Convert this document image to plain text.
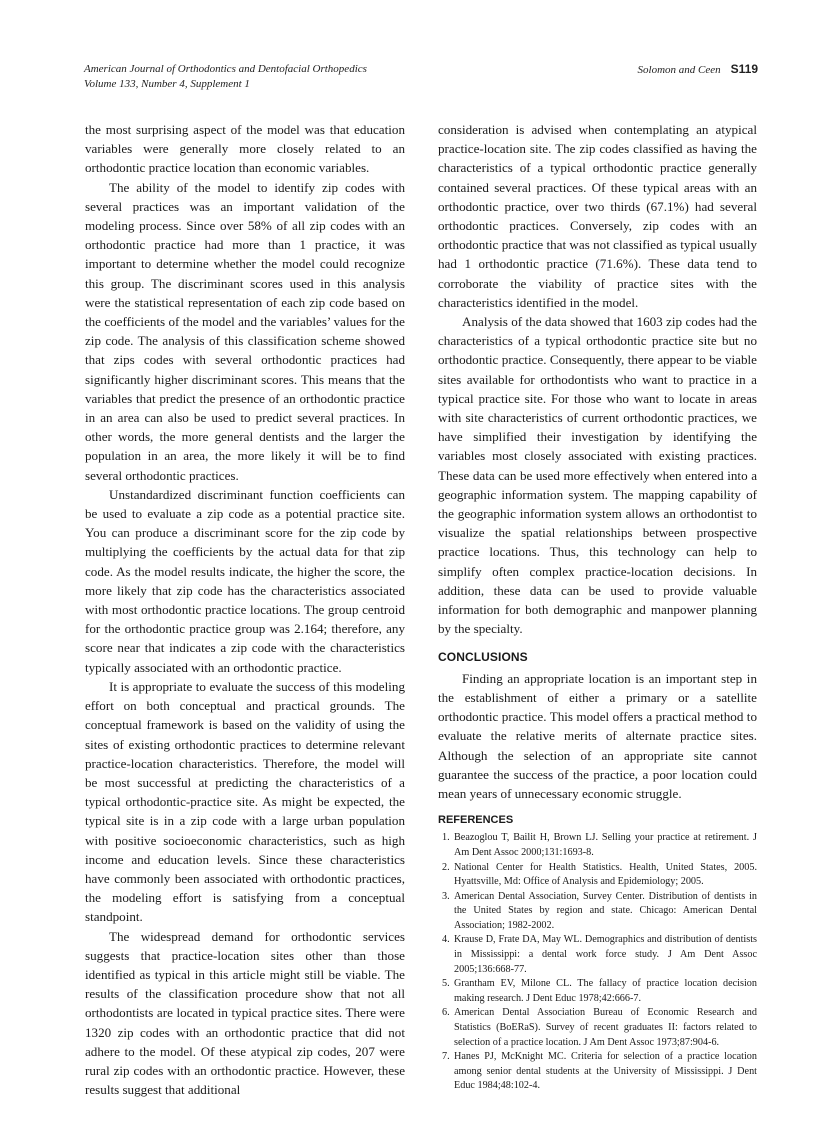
American Journal of Orthodontics and Dentofacial Orthopedics
Volume 133, Number 4, Supplement 1
Solomon and Ceen S119

the most surprising aspect of the model was that education variables were generally more closely related to an orthodontic practice location than economic variables.

The ability of the model to identify zip codes with several practices was an important validation of the modeling process. Since over 58% of all zip codes with an orthodontic practice had more than 1 practice, it was important to determine whether the model could recognize this group. The discriminant scores used in this analysis were the statistical representation of each zip code based on the coefficients of the model and the variables’ values for the zip code. The analysis of this classification scheme showed that zips codes with several orthodontic practices had significantly higher discriminant scores. This means that the variables that predict the presence of an orthodontic practice in an area can also be used to predict several practices. In other words, the more general dentists and the larger the population in an area, the more likely it will be to find several orthodontic practices.

Unstandardized discriminant function coefficients can be used to evaluate a zip code as a potential practice site. You can produce a discriminant score for the zip code by multiplying the coefficients by the actual data for that zip code. As the model results indicate, the higher the score, the more likely that zip code has the characteristics associated with most orthodontic practice locations. The group centroid for the orthodontic practice group was 2.164; therefore, any score near that indicates a zip code with the characteristics typically associated with an orthodontic practice.

It is appropriate to evaluate the success of this modeling effort on both conceptual and practical grounds. The conceptual framework is based on the validity of using the sites of existing orthodontic practices to determine relevant practice-location characteristics. Therefore, the model will be most successful at predicting the characteristics of a typical orthodontic-practice site. As might be expected, the typical site is in a zip code with a large urban population with positive socioeconomic characteristics, such as high income and education levels. Since these characteristics have commonly been associated with orthodontic practices, the modeling effort is satisfying from a conceptual standpoint.

The widespread demand for orthodontic services suggests that practice-location sites other than those identified as typical in this article might still be viable. The results of the classification procedure show that not all orthodontists are located in typical practice sites. There were 1320 zip codes with an orthodontic practice that did not adhere to the model. Of these atypical zip codes, 207 were rural zip codes with an orthodontic practice. However, these results suggest that additional

consideration is advised when contemplating an atypical practice-location site. The zip codes classified as having the characteristics of a typical orthodontic practice generally contained several practices. Of these typical areas with an orthodontic practice, over two thirds (67.1%) had several orthodontic practices. Conversely, zip codes with an orthodontic practice that was not classified as typical usually had 1 orthodontic practice (71.6%). These data tend to corroborate the viability of practice sites with the characteristics identified in the model.

Analysis of the data showed that 1603 zip codes had the characteristics of a typical orthodontic practice site but no orthodontic practice. Consequently, there appear to be viable sites available for orthodontists who want to practice in a typical practice site. For those who want to locate in areas with site characteristics of current orthodontic practices, we have simplified their investigation by identifying the variables most closely associated with existing practices. These data can be used more effectively when entered into a geographic information system. The mapping capability of the geographic information system allows an orthodontist to visualize the spatial relationships between prospective practice locations. Thus, this technology can help to simplify often complex practice-location decisions. In addition, these data can be used to provide valuable information for both demographic and manpower planning by the specialty.

CONCLUSIONS

Finding an appropriate location is an important step in the establishment of either a primary or a satellite orthodontic practice. This model offers a practical method to evaluate the relative merits of alternate practice sites. Although the selection of an appropriate site cannot guarantee the success of the practice, a poor location could mean years of unnecessary economic struggle.

REFERENCES
1. Beazoglou T, Bailit H, Brown LJ. Selling your practice at retirement. J Am Dent Assoc 2000;131:1693-8.
2. National Center for Health Statistics. Health, United States, 2005. Hyattsville, Md: Office of Analysis and Epidemiology; 2005.
3. American Dental Association, Survey Center. Distribution of dentists in the United States by region and state. Chicago: American Dental Association; 1982-2002.
4. Krause D, Frate DA, May WL. Demographics and distribution of dentists in Mississippi: a dental work force study. J Am Dent Assoc 2005;136:668-77.
5. Grantham EV, Milone CL. The fallacy of practice location decision making research. J Dent Educ 1978;42:666-7.
6. American Dental Association Bureau of Economic Research and Statistics (BoERaS). Survey of recent graduates II: factors related to selection of a practice location. J Am Dent Assoc 1973;87:904-6.
7. Hanes PJ, McKnight MC. Criteria for selection of a practice location among senior dental students at the University of Mississippi. J Dent Educ 1984;48:102-4.
